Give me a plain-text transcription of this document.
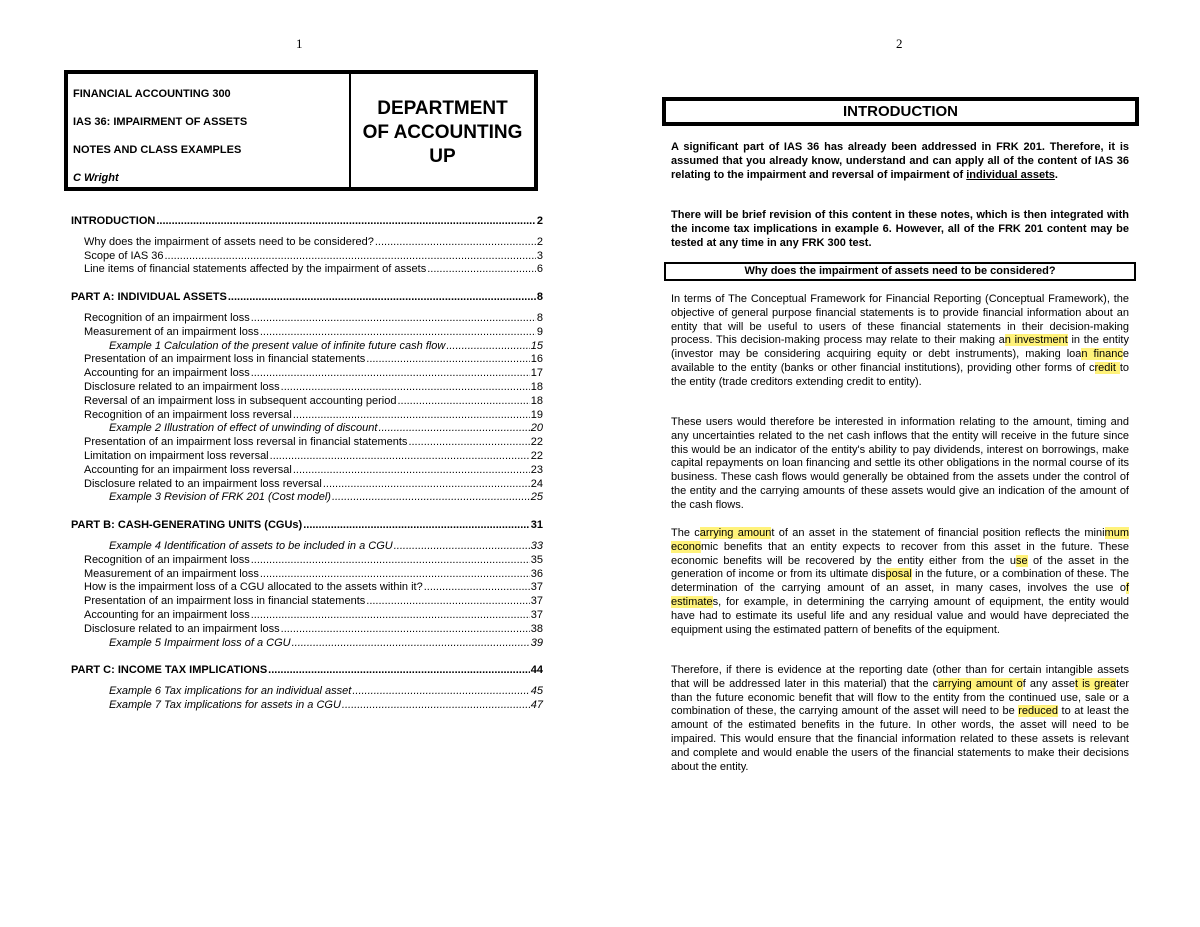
1
FINANCIAL ACCOUNTING 300
IAS 36: IMPAIRMENT OF ASSETS
NOTES AND CLASS EXAMPLES
C Wright
DEPARTMENT
OF ACCOUNTING
UP
INTRODUCTION .....	2
Why does the impairment of assets need to be considered? .....	2
Scope of IAS 36 .....	3
Line items of financial statements affected by the impairment of assets .....	6
PART A: INDIVIDUAL ASSETS .....	8
Recognition of an impairment loss .....	8
Measurement of an impairment loss .....	9
Example 1 Calculation of the present value of infinite future cash flow .....	15
Presentation of an impairment loss in financial statements .....	16
Accounting for an impairment loss .....	17
Disclosure related to an impairment loss .....	18
Reversal of an impairment loss in subsequent accounting period .....	18
Recognition of an impairment loss reversal .....	19
Example 2 Illustration of effect of unwinding of discount .....	20
Presentation of an impairment loss reversal in financial statements .....	22
Limitation on impairment loss reversal .....	22
Accounting for an impairment loss reversal .....	23
Disclosure related to an impairment loss reversal .....	24
Example 3 Revision of FRK 201 (Cost model) .....	25
PART B: CASH-GENERATING UNITS (CGUs) .....	31
Example 4 Identification of assets to be included in a CGU .....	33
Recognition of an impairment loss .....	35
Measurement of an impairment loss .....	36
How is the impairment loss of a CGU allocated to the assets within it? .....	37
Presentation of an impairment loss in financial statements .....	37
Accounting for an impairment loss .....	37
Disclosure related to an impairment loss .....	38
Example 5 Impairment loss of a CGU .....	39
PART C: INCOME TAX IMPLICATIONS .....	44
Example 6 Tax implications for an individual asset .....	45
Example 7 Tax implications for assets in a CGU .....	47
2
INTRODUCTION
A significant part of IAS 36 has already been addressed in FRK 201. Therefore, it is assumed that you already know, understand and can apply all of the content of IAS 36 relating to the impairment and reversal of impairment of individual assets.
There will be brief revision of this content in these notes, which is then integrated with the income tax implications in example 6. However, all of the FRK 201 content may be tested at any time in any FRK 300 test.
Why does the impairment of assets need to be considered?
In terms of The Conceptual Framework for Financial Reporting (Conceptual Framework), the objective of general purpose financial statements is to provide financial information about an entity that will be useful to users of these financial statements in their decision-making process. This decision-making process may relate to their making an investment in the entity (investor may be considering acquiring equity or debt instruments), making loan finance available to the entity (banks or other financial institutions), providing other forms of credit to the entity (trade creditors extending credit to entity).
These users would therefore be interested in information relating to the amount, timing and any uncertainties related to the net cash inflows that the entity will receive in the future since this would be an indicator of the entity's ability to pay dividends, interest on borrowings, make capital repayments on loan financing and settle its other obligations in the normal course of its business. These cash flows would generally be obtained from the assets under the control of the entity and the carrying amounts of these assets would give an indication of the amount of the cash flows.
The carrying amount of an asset in the statement of financial position reflects the minimum economic benefits that an entity expects to recover from this asset in the future. These economic benefits will be recovered by the entity either from the use of the asset in the generation of income or from its ultimate disposal in the future, or a combination of these. The determination of the carrying amount of an asset, in many cases, involves the use of estimates, for example, in determining the carrying amount of equipment, the entity would have had to estimate its useful life and any residual value and would have depreciated the equipment using the estimated pattern of benefits of the equipment.
Therefore, if there is evidence at the reporting date (other than for certain intangible assets that will be addressed later in this material) that the carrying amount of any asset is greater than the future economic benefit that will flow to the entity from the continued use, sale or a combination of these, the carrying amount of the asset will need to be reduced to at least the amount of the estimated benefits in the future. In other words, the asset will need to be impaired. This would ensure that the financial information related to these assets is relevant and complete and would enable the users of the financial statements to make their decisions about the entity.
